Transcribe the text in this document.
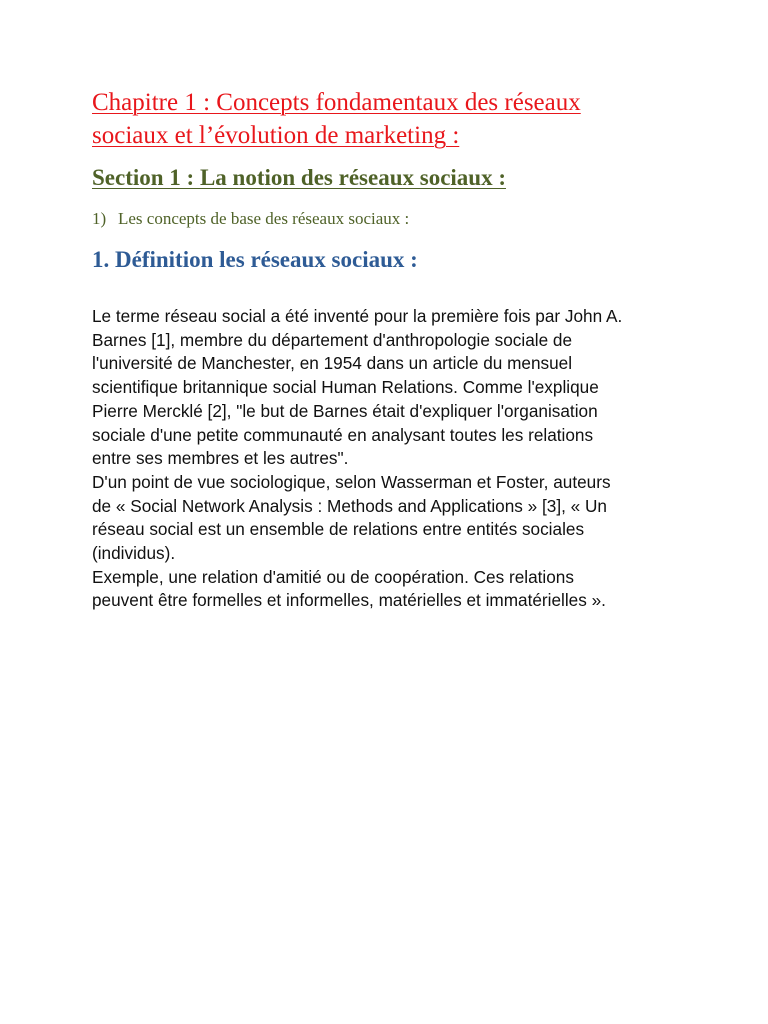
Chapitre 1 : Concepts fondamentaux des réseaux
sociaux et l’évolution de marketing :
Section 1 : La notion des réseaux sociaux :

1) Les concepts de base des réseaux sociaux :

1. Définition les réseaux sociaux :
Le terme réseau social a été inventé pour la première fois par John A.
Barnes [1], membre du département d'anthropologie sociale de
l'université de Manchester, en 1954 dans un article du mensuel
scientifique britannique social Human Relations. Comme l'explique
Pierre Mercklé [2], "le but de Barnes était d'expliquer l'organisation
sociale d'une petite communauté en analysant toutes les relations
entre ses membres et les autres".
D'un point de vue sociologique, selon Wasserman et Foster, auteurs
de « Social Network Analysis : Methods and Applications » [3], « Un
réseau social est un ensemble de relations entre entités sociales
(individus).
Exemple, une relation d'amitié ou de coopération. Ces relations
peuvent être formelles et informelles, matérielles et immatérielles ».
